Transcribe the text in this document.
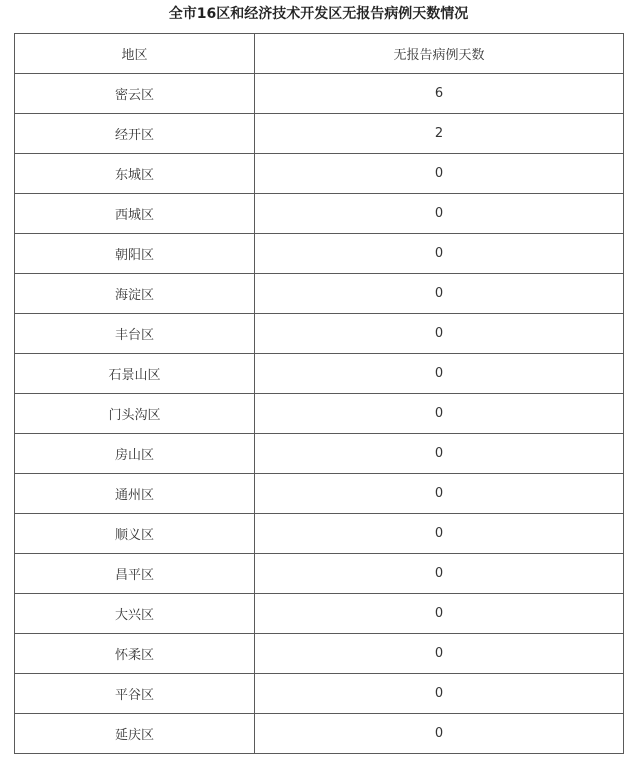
全市16区和经济技术开发区无报告病例天数情况
地区	无报告病例天数
密云区	6
经开区	2
东城区	0
西城区	0
朝阳区	0
海淀区	0
丰台区	0
石景山区	0
门头沟区	0
房山区	0
通州区	0
顺义区	0
昌平区	0
大兴区	0
怀柔区	0
平谷区	0
延庆区	0
